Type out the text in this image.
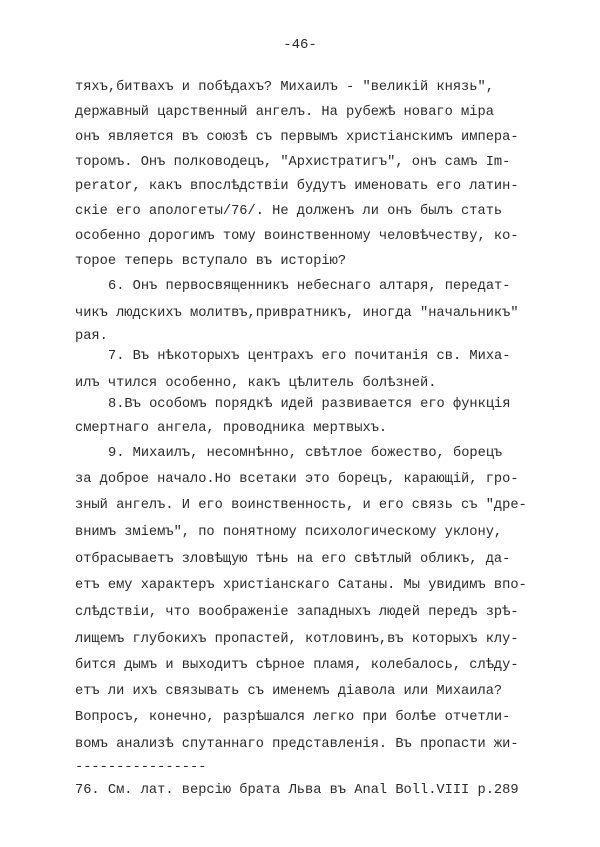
-46-
тяхъ,битвахъ и побѣдахъ? Михаилъ - "великій князь",
державный царственный ангелъ. На рубежѣ новаго міра
онъ является въ союзѣ съ первымъ христіанскимъ импера-
торомъ. Онъ полководецъ, "Архистратигъ", онъ самъ Im-
perator, какъ впослѣдствіи будутъ именовать его латин-
скіе его апологеты/76/. Не долженъ ли онъ былъ стать
особенно дорогимъ тому воинственному человѣчеству, ко-
торое теперь вступало въ исторію?
6. Онъ первосвященникъ небеснаго алтаря, передат-
чикъ людскихъ молитвъ,привратникъ, иногда "начальникъ"
рая.
7. Въ нѣкоторыхъ центрахъ его почитанія св. Миха-
илъ чтился особенно, какъ цѣлитель болѣзней.
8.Въ особомъ порядкѣ идей развивается его функція
смертнаго ангела, проводника мертвыхъ.
9. Михаилъ, несомнѣнно, свѣтлое божество, борецъ
за доброе начало.Но всетаки это борецъ, карающій, гро-
зный ангелъ. И его воинственность, и его связь съ "дре-
внимъ зміемъ", по понятному психологическому уклону,
отбрасываетъ зловѣщую тѣнь на его свѣтлый обликъ, да-
етъ ему характеръ христіанскаго Сатаны. Мы увидимъ впо-
слѣдствіи, что воображеніе западныхъ людей передъ зрѣ-
лищемъ глубокихъ пропастей, котловинъ,въ которыхъ клу-
бится дымъ и выходитъ сѣрное пламя, колебалось, слѣду-
етъ ли ихъ связывать съ именемъ діавола или Михаила?
Вопросъ, конечно, разрѣшался легко при болѣе отчетли-
вомъ анализѣ спутаннаго представленія. Въ пропасти жи-
----------------
76. См. лат. версію брата Льва въ Anal Boll.VIII p.289
